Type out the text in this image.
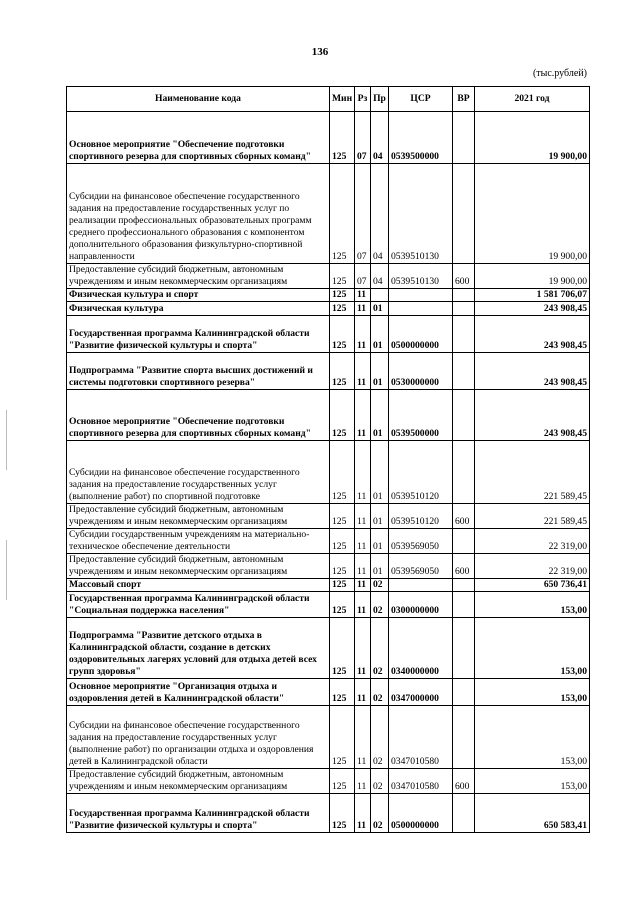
136
(тыс.рублей)
Наименование кода	Мин	Рз	Пр	ЦСР	ВР	2021 год
Основное мероприятие "Обеспечение подготовки спортивного резерва для спортивных сборных команд"	125	07	04	0539500000		19 900,00
Субсидии на финансовое обеспечение государственного задания на предоставление государственных услуг по реализации профессиональных образовательных программ среднего профессионального образования с компонентом дополнительного образования физкультурно-спортивной направленности	125	07	04	0539510130		19 900,00
Предоставление субсидий бюджетным, автономным учреждениям и иным некоммерческим организациям	125	07	04	0539510130	600	19 900,00
Физическая культура и спорт	125	11				1 581 706,07
Физическая культура	125	11	01			243 908,45
Государственная программа Калининградской области "Развитие физической культуры и спорта"	125	11	01	0500000000		243 908,45
Подпрограмма "Развитие спорта высших достижений и системы подготовки спортивного резерва"	125	11	01	0530000000		243 908,45
Основное мероприятие "Обеспечение подготовки спортивного резерва для спортивных сборных команд"	125	11	01	0539500000		243 908,45
Субсидии на финансовое обеспечение государственного задания на предоставление государственных услуг (выполнение работ) по спортивной подготовке	125	11	01	0539510120		221 589,45
Предоставление субсидий бюджетным, автономным учреждениям и иным некоммерческим организациям	125	11	01	0539510120	600	221 589,45
Субсидии государственным учреждениям на материально-техническое обеспечение деятельности	125	11	01	0539569050		22 319,00
Предоставление субсидий бюджетным, автономным учреждениям и иным некоммерческим организациям	125	11	01	0539569050	600	22 319,00
Массовый спорт	125	11	02			650 736,41
Государственная программа Калининградской области "Социальная поддержка населения"	125	11	02	0300000000		153,00
Подпрограмма "Развитие детского отдыха в Калининградской области, создание в детских оздоровительных лагерях условий для отдыха детей всех групп здоровья"	125	11	02	0340000000		153,00
Основное мероприятие "Организация отдыха и оздоровления детей в Калининградской области"	125	11	02	0347000000		153,00
Субсидии на финансовое обеспечение государственного задания на предоставление государственных услуг (выполнение работ) по организации отдыха и оздоровления детей в Калининградской области	125	11	02	0347010580		153,00
Предоставление субсидий бюджетным, автономным учреждениям и иным некоммерческим организациям	125	11	02	0347010580	600	153,00
Государственная программа Калининградской области "Развитие физической культуры и спорта"	125	11	02	0500000000		650 583,41
